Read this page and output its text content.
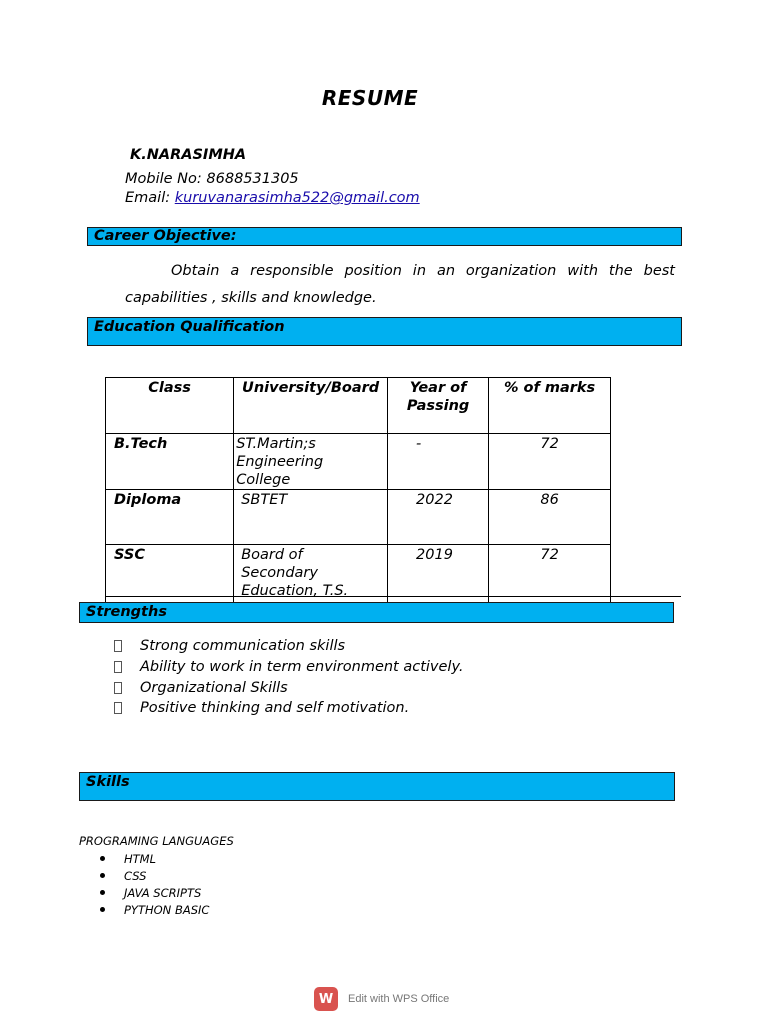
RESUME
K.NARASIMHA
Mobile No: 8688531305
Email: kuruvanarasimha522@gmail.com
Career Objective:
Obtain a responsible position in an organization with the best capabilities , skills and knowledge.
Education Qualification
Class	University/Board	Year of Passing	% of marks
B.Tech	ST.Martin;s Engineering College	-	72
Diploma	SBTET	2022	86
SSC	Board of Secondary Education, T.S.	2019	72
Strengths
Strong communication skills
Ability to work in term environment actively.
Organizational Skills
Positive thinking and self motivation.
Skills
PROGRAMING LANGUAGES
HTML
CSS
JAVA SCRIPTS
PYTHON BASIC
W	Edit with WPS Office
